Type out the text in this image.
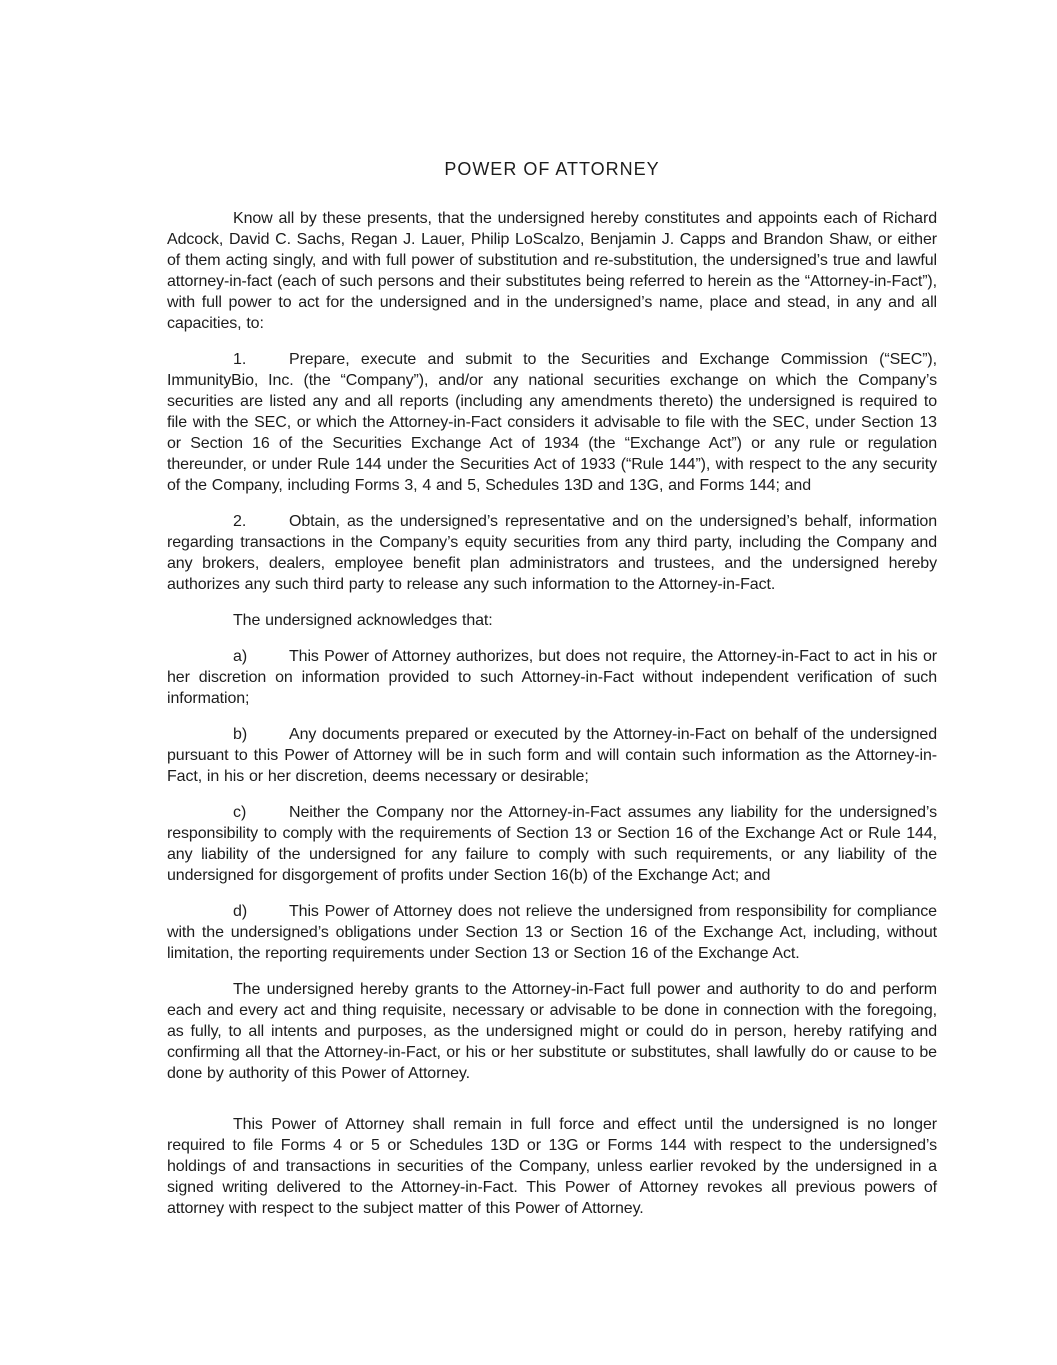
POWER OF ATTORNEY

Know all by these presents, that the undersigned hereby constitutes and appoints each of Richard Adcock, David C. Sachs, Regan J. Lauer, Philip LoScalzo, Benjamin J. Capps and Brandon Shaw, or either of them acting singly, and with full power of substitution and re-substitution, the undersigned’s true and lawful attorney-in-fact (each of such persons and their substitutes being referred to herein as the “Attorney-in-Fact”), with full power to act for the undersigned and in the undersigned’s name, place and stead, in any and all capacities, to:

1.	Prepare, execute and submit to the Securities and Exchange Commission (“SEC”), ImmunityBio, Inc. (the “Company”), and/or any national securities exchange on which the Company’s securities are listed any and all reports (including any amendments thereto) the undersigned is required to file with the SEC, or which the Attorney-in-Fact considers it advisable to file with the SEC, under Section 13 or Section 16 of the Securities Exchange Act of 1934 (the “Exchange Act”) or any rule or regulation thereunder, or under Rule 144 under the Securities Act of 1933 (“Rule 144”), with respect to the any security of the Company, including Forms 3, 4 and 5, Schedules 13D and 13G, and Forms 144; and

2.	Obtain, as the undersigned’s representative and on the undersigned’s behalf, information regarding transactions in the Company’s equity securities from any third party, including the Company and any brokers, dealers, employee benefit plan administrators and trustees, and the undersigned hereby authorizes any such third party to release any such information to the Attorney-in-Fact.

The undersigned acknowledges that:

a)	This Power of Attorney authorizes, but does not require, the Attorney-in-Fact to act in his or her discretion on information provided to such Attorney-in-Fact without independent verification of such information;

b)	Any documents prepared or executed by the Attorney-in-Fact on behalf of the undersigned pursuant to this Power of Attorney will be in such form and will contain such information as the Attorney-in-Fact, in his or her discretion, deems necessary or desirable;

c)	Neither the Company nor the Attorney-in-Fact assumes any liability for the undersigned’s responsibility to comply with the requirements of Section 13 or Section 16 of the Exchange Act or Rule 144, any liability of the undersigned for any failure to comply with such requirements, or any liability of the undersigned for disgorgement of profits under Section 16(b) of the Exchange Act; and

d)	This Power of Attorney does not relieve the undersigned from responsibility for compliance with the undersigned’s obligations under Section 13 or Section 16 of the Exchange Act, including, without limitation, the reporting requirements under Section 13 or Section 16 of the Exchange Act.

The undersigned hereby grants to the Attorney-in-Fact full power and authority to do and perform each and every act and thing requisite, necessary or advisable to be done in connection with the foregoing, as fully, to all intents and purposes, as the undersigned might or could do in person, hereby ratifying and confirming all that the Attorney-in-Fact, or his or her substitute or substitutes, shall lawfully do or cause to be done by authority of this Power of Attorney.

This Power of Attorney shall remain in full force and effect until the undersigned is no longer required to file Forms 4 or 5 or Schedules 13D or 13G or Forms 144 with respect to the undersigned’s holdings of and transactions in securities of the Company, unless earlier revoked by the undersigned in a signed writing delivered to the Attorney-in-Fact. This Power of Attorney revokes all previous powers of attorney with respect to the subject matter of this Power of Attorney.
